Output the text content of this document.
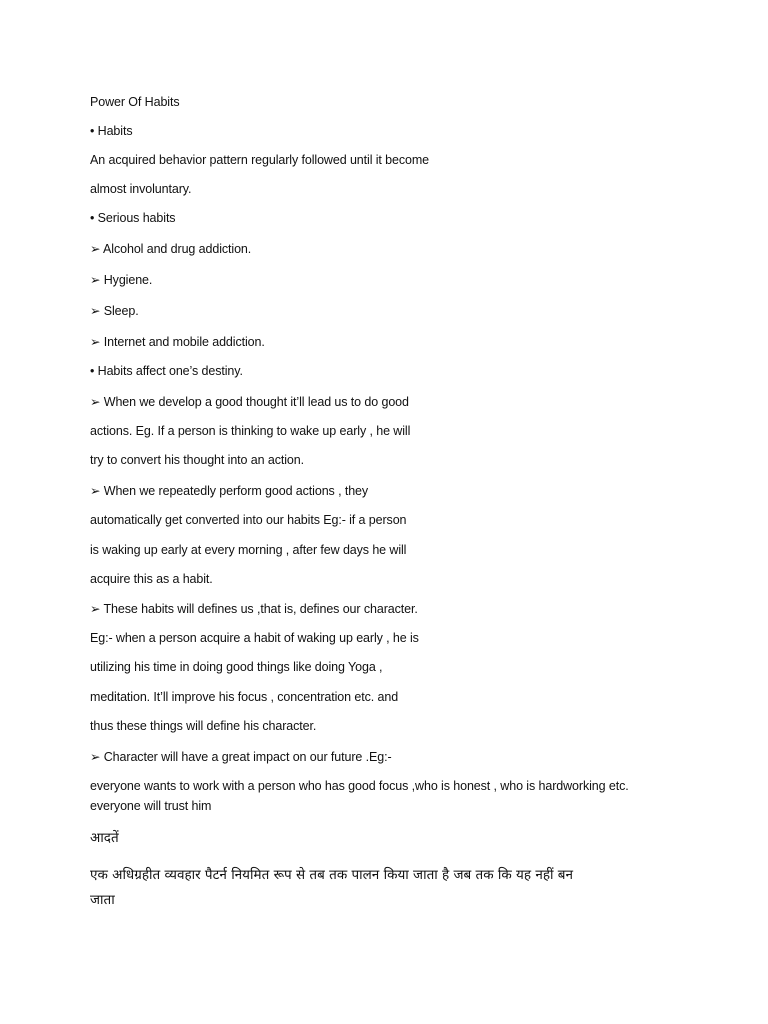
Power Of Habits
• Habits
An acquired behavior pattern regularly followed until it become
almost involuntary.
• Serious habits
➢ Alcohol and drug addiction.
➢ Hygiene.
➢ Sleep.
➢ Internet and mobile addiction.
• Habits affect one’s destiny.
➢ When we develop a good thought it’ll lead us to do good
actions. Eg. If a person is thinking to wake up early , he will
try to convert his thought into an action.
➢ When we repeatedly perform good actions , they
automatically get converted into our habits Eg:- if a person
is waking up early at every morning , after few days he will
acquire this as a habit.
➢ These habits will defines us ,that is, defines our character.
Eg:- when a person acquire a habit of waking up early , he is
utilizing his time in doing good things like doing Yoga ,
meditation. It’ll improve his focus , concentration etc. and
thus these things will define his character.
➢ Character will have a great impact on our future .Eg:-
everyone wants to work with a person who has good focus ,who is honest , who is hardworking etc.
everyone will trust him
आदतें
एक अधिग्रहीत व्यवहार पैटर्न नियमित रूप से तब तक पालन किया जाता है जब तक कि यह नहीं बन
जाता
